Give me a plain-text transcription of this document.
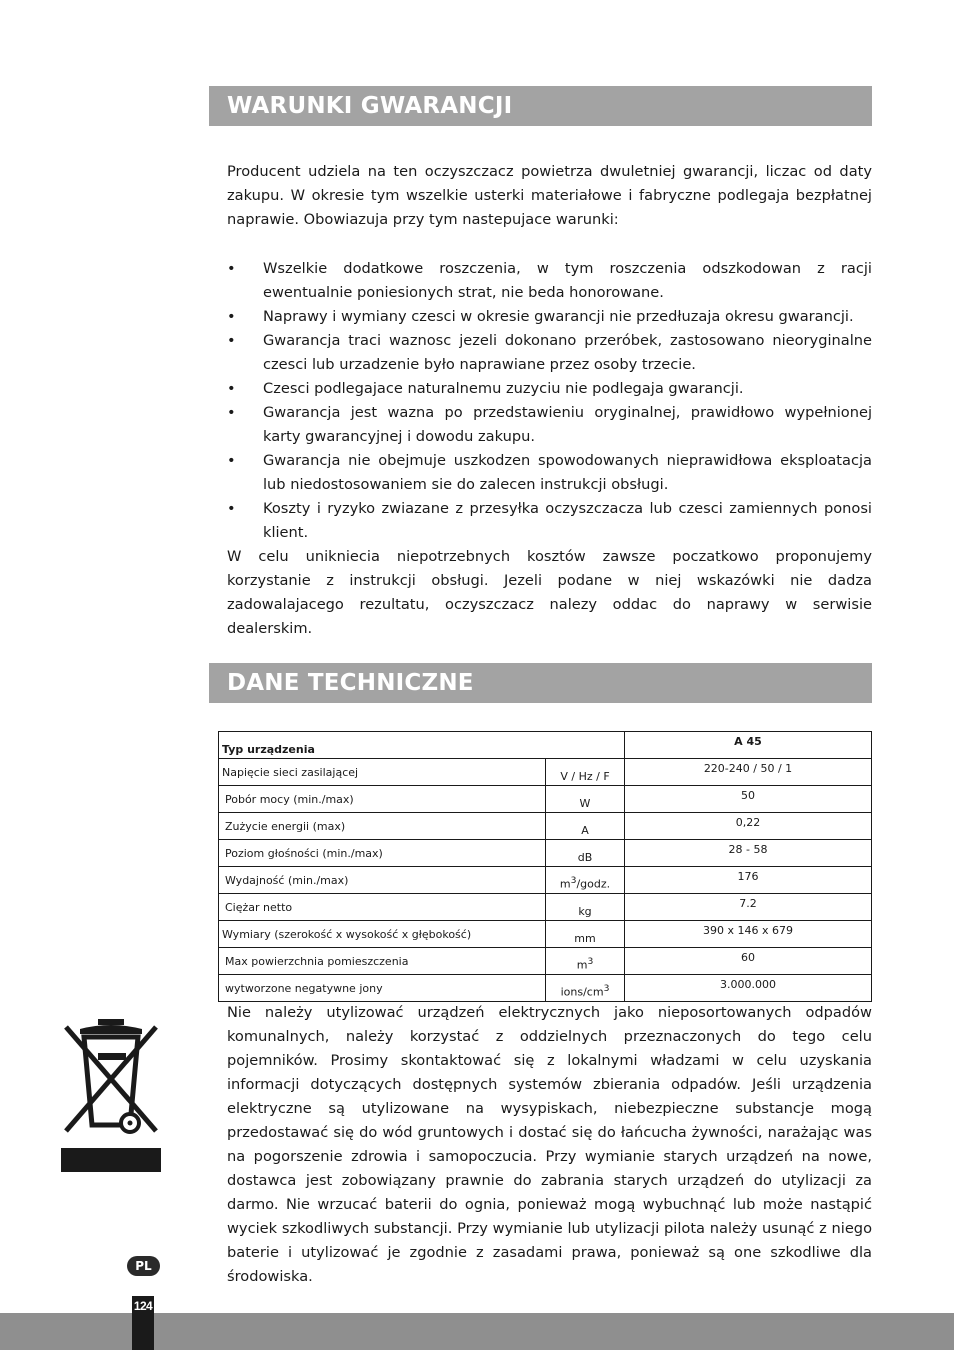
WARUNKI GWARANCJI

Producent udziela na ten oczyszczacz powietrza dwuletniej gwarancji, liczac od daty zakupu. W okresie tym wszelkie usterki materiałowe i fabryczne podlegaja bezpłatnej naprawie. Obowiazuja przy tym nastepujace warunki:

• Wszelkie dodatkowe roszczenia, w tym roszczenia odszkodowan z racji ewentualnie poniesionych strat, nie beda honorowane.
• Naprawy i wymiany czesci w okresie gwarancji nie przedłuzaja okresu gwarancji.
• Gwarancja traci waznosc jezeli dokonano przeróbek, zastosowano nieoryginalne czesci lub urzadzenie było naprawiane przez osoby trzecie.
• Czesci podlegajace naturalnemu zuzyciu nie podlegaja gwarancji.
• Gwarancja jest wazna po przedstawieniu oryginalnej, prawidłowo wypełnionej karty gwarancyjnej i dowodu zakupu.
• Gwarancja nie obejmuje uszkodzen spowodowanych nieprawidłowa eksploatacja lub niedostosowaniem sie do zalecen instrukcji obsługi.
• Koszty i ryzyko zwiazane z przesyłka oczyszczacza lub czesci zamiennych ponosi klient.

W celu unikniecia niepotrzebnych kosztów zawsze poczatkowo proponujemy korzystanie z instrukcji obsługi. Jezeli podane w niej wskazówki nie dadza zadowalajacego rezultatu, oczyszczacz nalezy oddac do naprawy w serwisie dealerskim.

DANE TECHNICZNE
Typ urządzenia		A 45
Napięcie sieci zasilającej	V / Hz / F	220-240 / 50 / 1
Pobór mocy (min./max)	W	50
Zużycie energii (max)	A	0,22
Poziom głośności (min./max)	dB	28 - 58
Wydajność (min./max)	$m^3$/godz.	176
Ciężar netto	kg	7.2
Wymiary (szerokość x wysokość x głębokość)	mm	390 x 146 x 679
Max powierzchnia pomieszczenia	$m^3$	60
wytworzone negatywne jony	ions/$cm^3$	3.000.000

Nie należy utylizować urządzeń elektrycznych jako nieposortowanych odpadów komunalnych, należy korzystać z oddzielnych przeznaczonych do tego celu pojemników. Prosimy skontaktować się z lokalnymi władzami w celu uzyskania informacji dotyczących dostępnych systemów zbierania odpadów. Jeśli urządzenia elektryczne są utylizowane na wysypiskach, niebezpieczne substancje mogą przedostawać się do wód gruntowych i dostać się do łańcucha żywności, narażając was na pogorszenie zdrowia i samopoczucia. Przy wymianie starych urządzeń na nowe, dostawca jest zobowiązany prawnie do zabrania starych urządzeń do utylizacji za darmo. Nie wrzucać baterii do ognia, ponieważ mogą wybuchnąć lub może nastąpić wyciek szkodliwych substancji. Przy wymianie lub utylizacji pilota należy usunąć z niego baterie i utylizować je zgodnie z zasadami prawa, ponieważ są one szkodliwe dla środowiska.

PL
124
